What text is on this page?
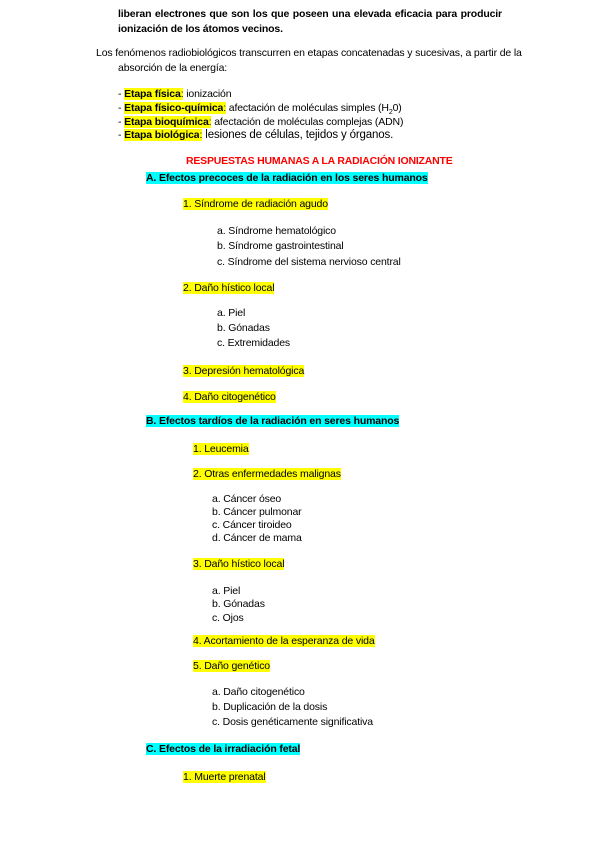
liberan electrones que son los que poseen una elevada eficacia para producir
ionización de los átomos vecinos.
Los fenómenos radiobiológicos transcurren en etapas concatenadas y sucesivas, a partir de la
absorción de la energía:
- Etapa física: ionización
- Etapa físico-química: afectación de moléculas simples $(H_20)$
- Etapa bioquímica: afectación de moléculas complejas (ADN)
- Etapa biológica: lesiones de células, tejidos y órganos.
RESPUESTAS HUMANAS A LA RADIACIÓN IONIZANTE
A. Efectos precoces de la radiación en los seres humanos
1. Síndrome de radiación agudo
a. Síndrome hematológico
b. Síndrome gastrointestinal
c. Síndrome del sistema nervioso central
2. Daño hístico local
a. Piel
b. Gónadas
c. Extremidades
3. Depresión hematológica
4. Daño citogenético
B. Efectos tardíos de la radiación en seres humanos
1. Leucemia
2. Otras enfermedades malignas
a. Cáncer óseo
b. Cáncer pulmonar
c. Cáncer tiroideo
d. Cáncer de mama
3. Daño hístico local
a. Piel
b. Gónadas
c. Ojos
4. Acortamiento de la esperanza de vida
5. Daño genético
a. Daño citogenético
b. Duplicación de la dosis
c. Dosis genéticamente significativa
C. Efectos de la irradiación fetal
1. Muerte prenatal
